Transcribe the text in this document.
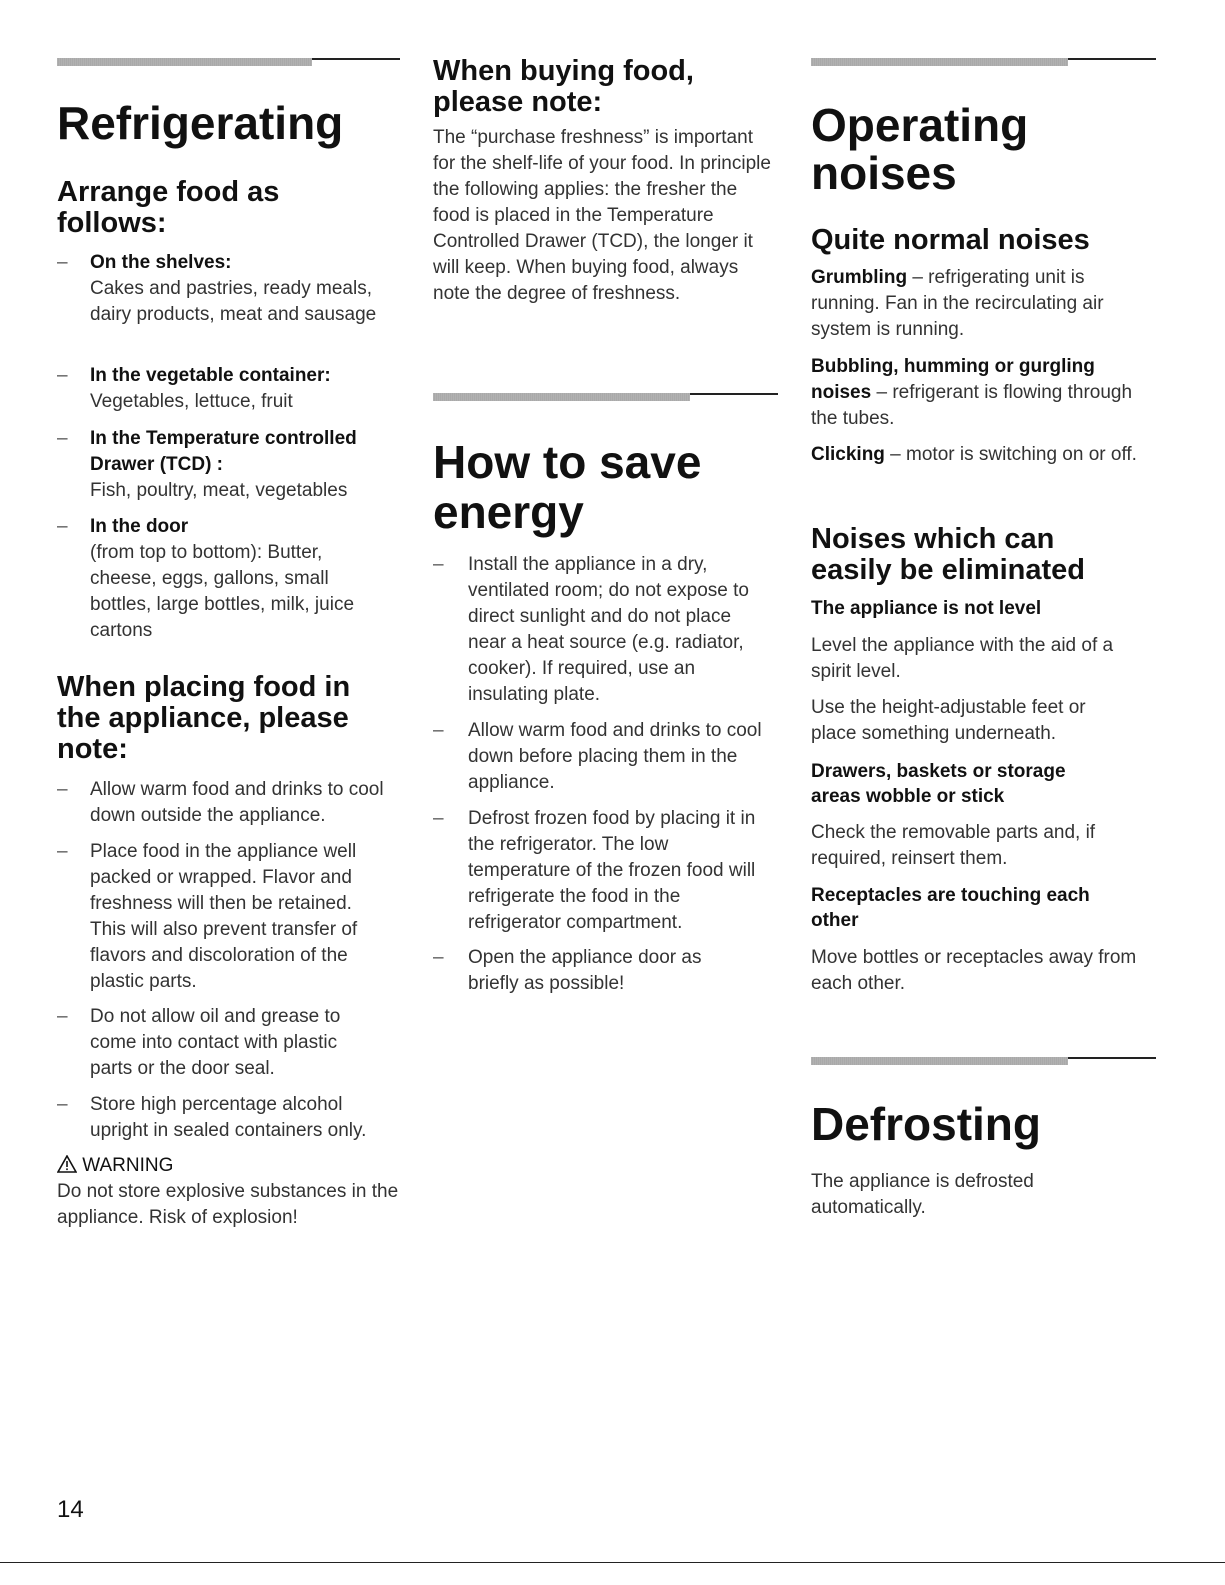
Refrigerating
Arrange food as follows:
– On the shelves:
Cakes and pastries, ready meals, dairy products, meat and sausage
– In the vegetable container:
Vegetables, lettuce, fruit
– In the Temperature controlled Drawer (TCD) :
Fish, poultry, meat, vegetables
– In the door
(from top to bottom): Butter, cheese, eggs, gallons, small bottles, large bottles, milk, juice cartons
When placing food in the appliance, please note:
– Allow warm food and drinks to cool down outside the appliance.
– Place food in the appliance well packed or wrapped. Flavor and freshness will then be retained. This will also prevent transfer of flavors and discoloration of the plastic parts.
– Do not allow oil and grease to come into contact with plastic parts or the door seal.
– Store high percentage alcohol upright in sealed containers only.
WARNING

Do not store explosive substances in the appliance. Risk of explosion!

When buying food, please note:

The “purchase freshness” is important for the shelf-life of your food. In principle the following applies: the fresher the food is placed in the Temperature Controlled Drawer (TCD), the longer it will keep. When buying food, always note the degree of freshness.

How to save energy
– Install the appliance in a dry, ventilated room; do not expose to direct sunlight and do not place near a heat source (e.g. radiator, cooker). If required, use an insulating plate.
– Allow warm food and drinks to cool down before placing them in the appliance.
– Defrost frozen food by placing it in the refrigerator. The low temperature of the frozen food will refrigerate the food in the refrigerator compartment.
– Open the appliance door as briefly as possible!
Operating noises
Quite normal noises

Grumbling – refrigerating unit is running. Fan in the recirculating air system is running.

Bubbling, humming or gurgling noises – refrigerant is flowing through the tubes.

Clicking – motor is switching on or off.

Noises which can easily be eliminated
The appliance is not level

Level the appliance with the aid of a spirit level.

Use the height-adjustable feet or place something underneath.

Drawers, baskets or storage areas wobble or stick

Check the removable parts and, if required, reinsert them.

Receptacles are touching each other

Move bottles or receptacles away from each other.

Defrosting

The appliance is defrosted automatically.

14
